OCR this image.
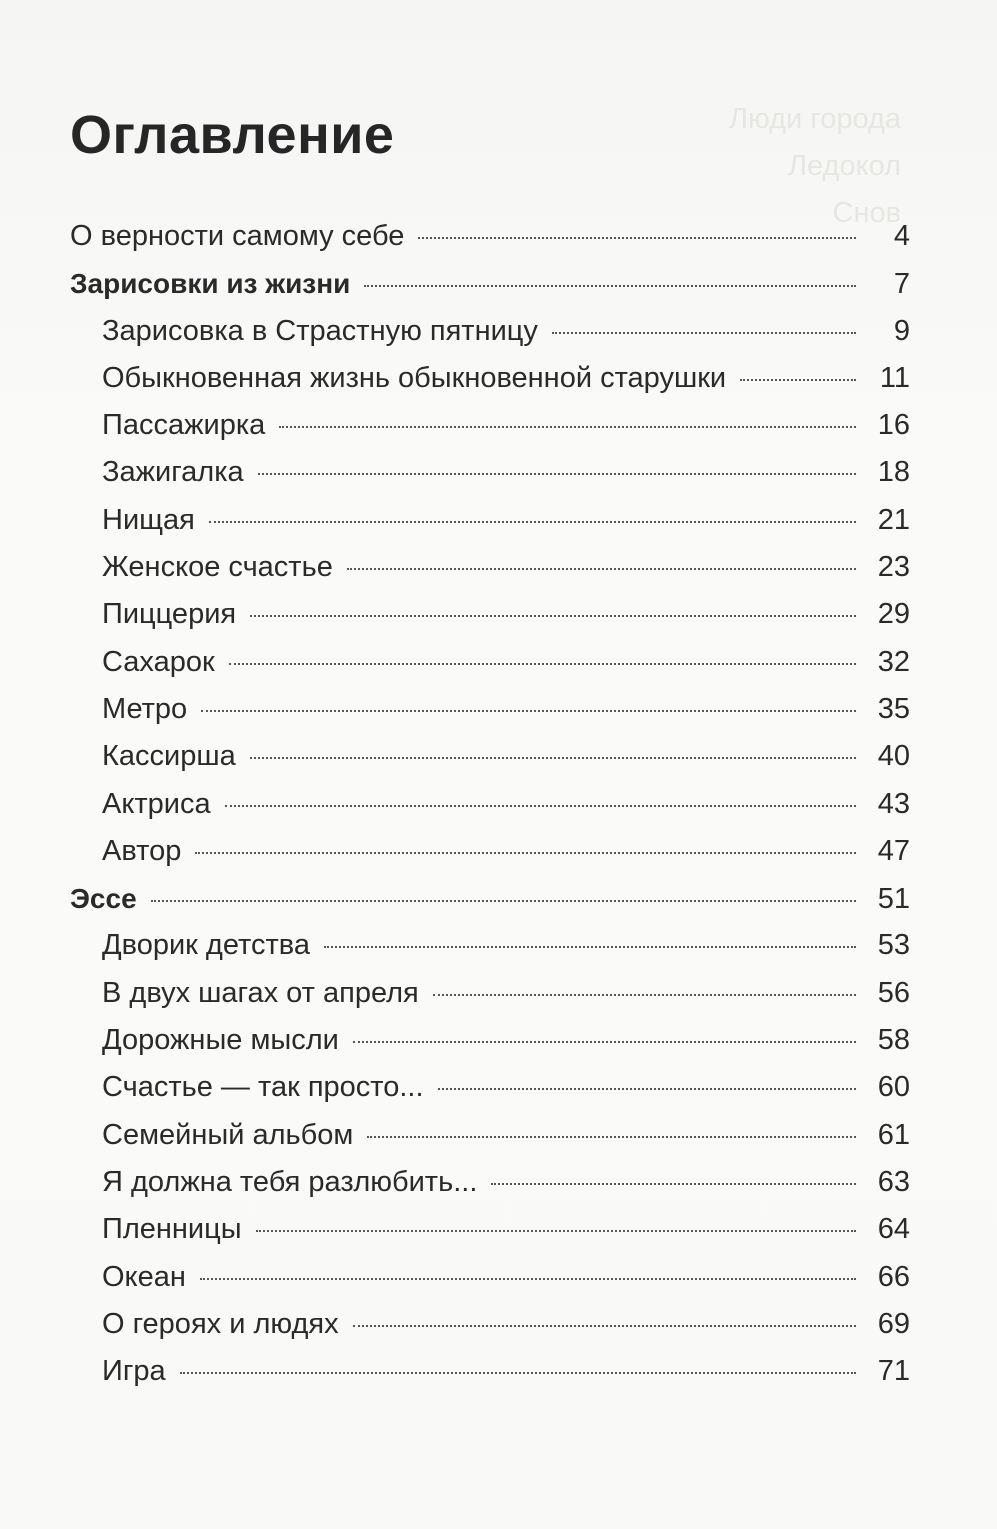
Люди города
Ледокол
Снов
Оглавление
О верности самому себе	4
Зарисовки из жизни	7
Зарисовка в Страстную пятницу	9
Обыкновенная жизнь обыкновенной старушки	11
Пассажирка	16
Зажигалка	18
Нищая	21
Женское счастье	23
Пиццерия	29
Сахарок	32
Метро	35
Кассирша	40
Актриса	43
Автор	47
Эссе	51
Дворик детства	53
В двух шагах от апреля	56
Дорожные мысли	58
Счастье — так просто...	60
Семейный альбом	61
Я должна тебя разлюбить...	63
Пленницы	64
Океан	66
О героях и людях	69
Игра	71
